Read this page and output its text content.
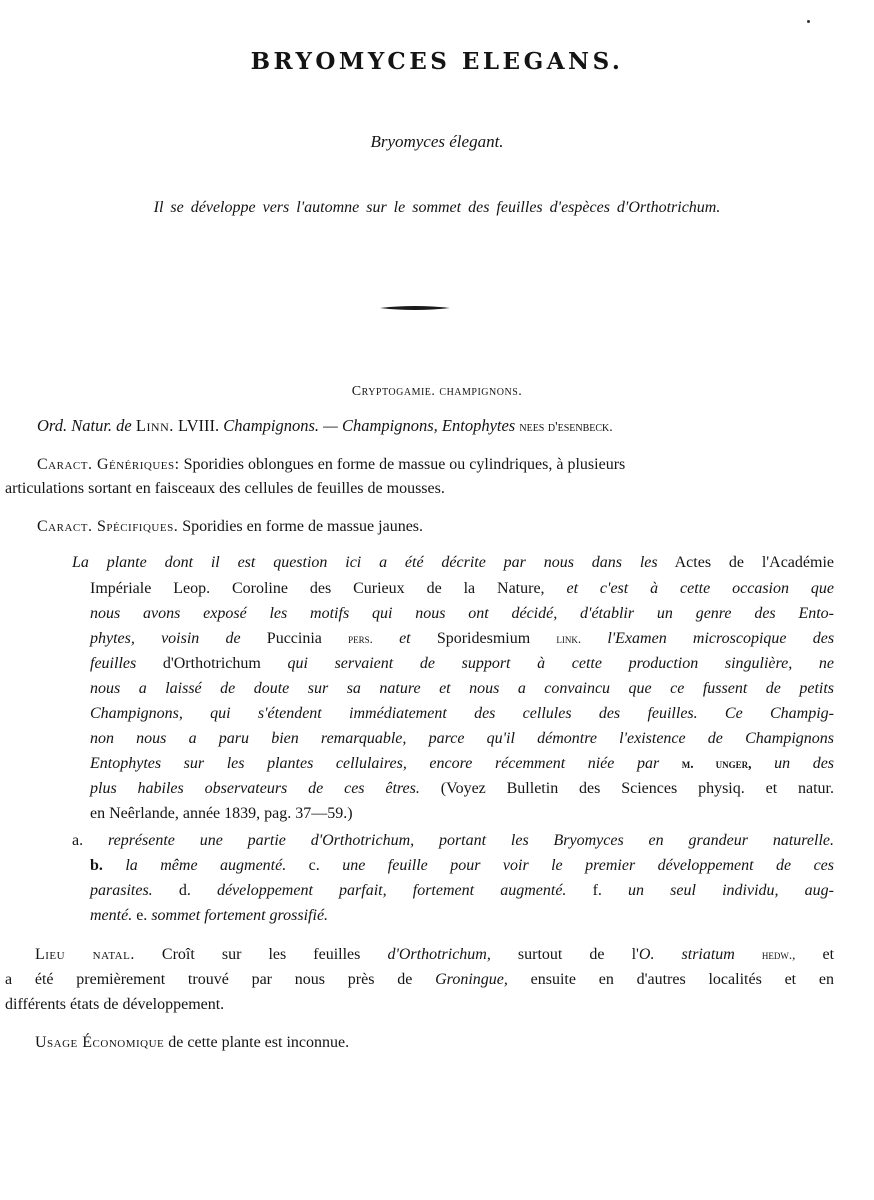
BRYOMYCES ELEGANS.

Bryomyces élegant.

Il se développe vers l'automne sur le sommet des feuilles d'espèces d'Orthotrichum.

Cryptogamie. champignons.

Ord. Natur. de Linn. LVIII. Champignons. — Champignons, Entophytes nees d'esenbeck.

Caract. Génériques: Sporidies oblongues en forme de massue ou cylindriques, à plusieurs

articulations sortant en faisceaux des cellules de feuilles de mousses.

Caract. Spécifiques. Sporidies en forme de massue jaunes.

La plante dont il est question ici a été décrite par nous dans les Actes de l'Académie

Impériale Leop. Coroline des Curieux de la Nature, et c'est à cette occasion que

nous avons exposé les motifs qui nous ont décidé, d'établir un genre des Ento-

phytes, voisin de Puccinia pers. et Sporidesmium link. l'Examen microscopique des

feuilles d'Orthotrichum qui servaient de support à cette production singulière, ne

nous a laissé de doute sur sa nature et nous a convaincu que ce fussent de petits

Champignons, qui s'étendent immédiatement des cellules des feuilles. Ce Champig-

non nous a paru bien remarquable, parce qu'il démontre l'existence de Champignons

Entophytes sur les plantes cellulaires, encore récemment niée par m. unger, un des

plus habiles observateurs de ces êtres. (Voyez Bulletin des Sciences physiq. et natur.

en Neêrlande, année 1839, pag. 37—59.)

a. représente une partie d'Orthotrichum, portant les Bryomyces en grandeur naturelle.

b. la même augmenté. c. une feuille pour voir le premier développement de ces

parasites. d. développement parfait, fortement augmenté. f. un seul individu, aug-

menté. e. sommet fortement grossifié.

Lieu natal. Croît sur les feuilles d'Orthotrichum, surtout de l'O. striatum hedw., et

a été premièrement trouvé par nous près de Groningue, ensuite en d'autres localités et en

différents états de développement.

Usage Économique de cette plante est inconnue.
